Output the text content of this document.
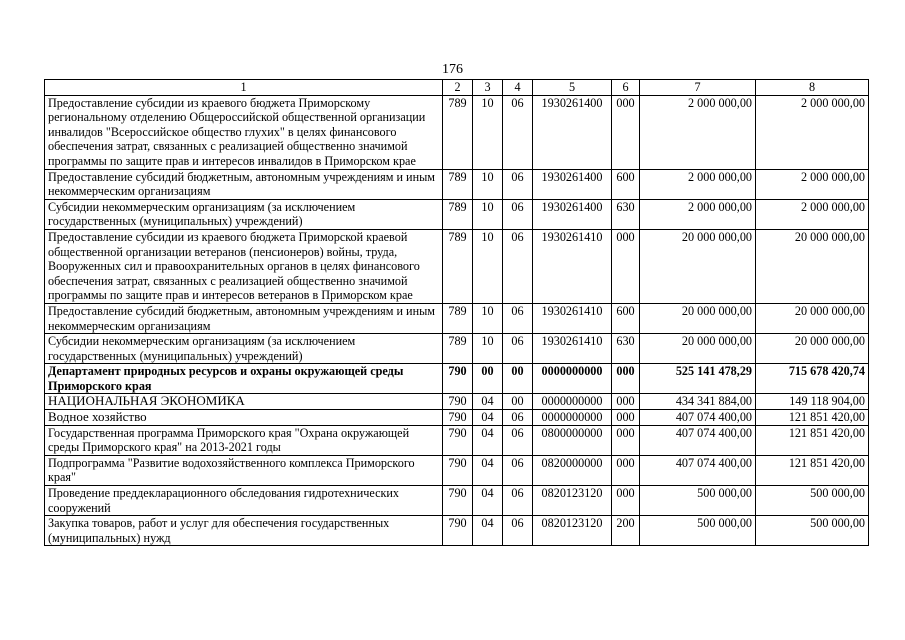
176
1	2	3	4	5	6	7	8
Предоставление субсидии из краевого бюджета Приморскому региональному отделению Общероссийской общественной организации инвалидов "Всероссийское общество глухих" в целях финансового обеспечения затрат, связанных с реализацией общественно значимой программы по защите прав и интересов инвалидов в Приморском крае	789	10	06	1930261400	000	2 000 000,00	2 000 000,00
Предоставление субсидий бюджетным, автономным учреждениям и иным некоммерческим организациям	789	10	06	1930261400	600	2 000 000,00	2 000 000,00
Субсидии некоммерческим организациям (за исключением государственных (муниципальных) учреждений)	789	10	06	1930261400	630	2 000 000,00	2 000 000,00
Предоставление субсидии из краевого бюджета Приморской краевой общественной организации ветеранов (пенсионеров) войны, труда, Вооруженных сил и правоохранительных органов в целях финансового обеспечения затрат, связанных с реализацией общественно значимой программы по защите прав и интересов ветеранов в Приморском крае	789	10	06	1930261410	000	20 000 000,00	20 000 000,00
Предоставление субсидий бюджетным, автономным учреждениям и иным некоммерческим организациям	789	10	06	1930261410	600	20 000 000,00	20 000 000,00
Субсидии некоммерческим организациям (за исключением государственных (муниципальных) учреждений)	789	10	06	1930261410	630	20 000 000,00	20 000 000,00
Департамент природных ресурсов и охраны окружающей среды Приморского края	790	00	00	0000000000	000	525 141 478,29	715 678 420,74
НАЦИОНАЛЬНАЯ ЭКОНОМИКА	790	04	00	0000000000	000	434 341 884,00	149 118 904,00
Водное хозяйство	790	04	06	0000000000	000	407 074 400,00	121 851 420,00
Государственная программа Приморского края "Охрана окружающей среды Приморского края" на 2013-2021 годы	790	04	06	0800000000	000	407 074 400,00	121 851 420,00
Подпрограмма "Развитие водохозяйственного комплекса Приморского края"	790	04	06	0820000000	000	407 074 400,00	121 851 420,00
Проведение преддекларационного обследования гидротехнических сооружений	790	04	06	0820123120	000	500 000,00	500 000,00
Закупка товаров, работ и услуг для обеспечения государственных (муниципальных) нужд	790	04	06	0820123120	200	500 000,00	500 000,00
